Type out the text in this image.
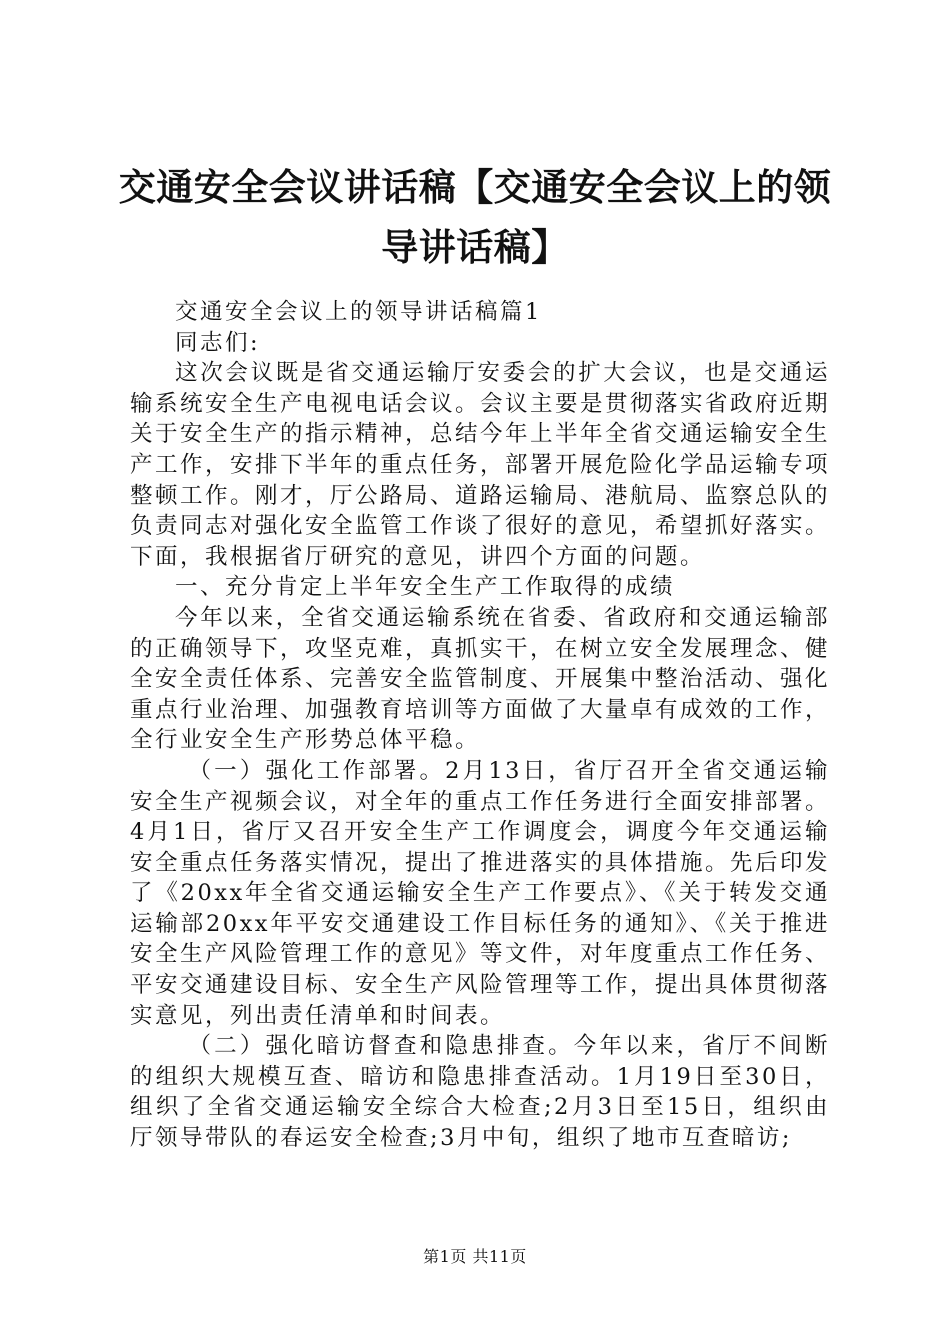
交通安全会议讲话稿【交通安全会议上的领导讲话稿】

交通安全会议上的领导讲话稿篇1

同志们:

这次会议既是省交通运输厅安委会的扩大会议，也是交通运输系统安全生产电视电话会议。会议主要是贯彻落实省政府近期关于安全生产的指示精神，总结今年上半年全省交通运输安全生产工作，安排下半年的重点任务，部署开展危险化学品运输专项整顿工作。刚才，厅公路局、道路运输局、港航局、监察总队的负责同志对强化安全监管工作谈了很好的意见，希望抓好落实。下面，我根据省厅研究的意见，讲四个方面的问题。

一、充分肯定上半年安全生产工作取得的成绩

今年以来，全省交通运输系统在省委、省政府和交通运输部的正确领导下，攻坚克难，真抓实干，在树立安全发展理念、健全安全责任体系、完善安全监管制度、开展集中整治活动、强化重点行业治理、加强教育培训等方面做了大量卓有成效的工作，全行业安全生产形势总体平稳。

（一）强化工作部署。2月13日，省厅召开全省交通运输安全生产视频会议，对全年的重点工作任务进行全面安排部署。4月1日，省厅又召开安全生产工作调度会，调度今年交通运输安全重点任务落实情况，提出了推进落实的具体措施。先后印发了《20xx年全省交通运输安全生产工作要点》、《关于转发交通运输部20xx年平安交通建设工作目标任务的通知》、《关于推进安全生产风险管理工作的意见》等文件，对年度重点工作任务、平安交通建设目标、安全生产风险管理等工作，提出具体贯彻落实意见，列出责任清单和时间表。

（二）强化暗访督查和隐患排查。今年以来，省厅不间断的组织大规模互查、暗访和隐患排查活动。1月19日至30日，组织了全省交通运输安全综合大检查;2月3日至15日，组织由厅领导带队的春运安全检查;3月中旬，组织了地市互查暗访;

第1页 共11页
